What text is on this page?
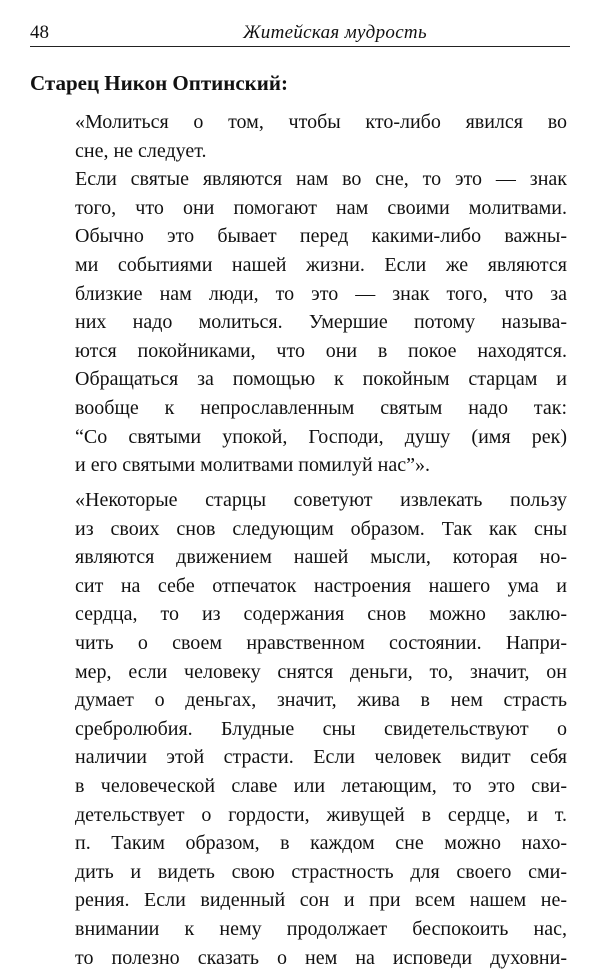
48	Житейская мудрость
Старец Никон Оптинский:
«Молиться о том, чтобы кто-либо явился во
сне, не следует.
Если святые являются нам во сне, то это — знак
того, что они помогают нам своими молитвами.
Обычно это бывает перед какими-либо важны-
ми событиями нашей жизни. Если же являются
близкие нам люди, то это — знак того, что за
них надо молиться. Умершие потому называ-
ются покойниками, что они в покое находятся.
Обращаться за помощью к покойным старцам и
вообще к непрославленным святым надо так:
“Со святыми упокой, Господи, душу (имя рек)
и его святыми молитвами помилуй нас”».
«Некоторые старцы советуют извлекать пользу
из своих снов следующим образом. Так как сны
являются движением нашей мысли, которая но-
сит на себе отпечаток настроения нашего ума и
сердца, то из содержания снов можно заклю-
чить о своем нравственном состоянии. Напри-
мер, если человеку снятся деньги, то, значит, он
думает о деньгах, значит, жива в нем страсть
сребролюбия. Блудные сны свидетельствуют о
наличии этой страсти. Если человек видит себя
в человеческой славе или летающим, то это сви-
детельствует о гордости, живущей в сердце, и т.
п. Таким образом, в каждом сне можно нахо-
дить и видеть свою страстность для своего сми-
рения. Если виденный сон и при всем нашем не-
внимании к нему продолжает беспокоить нас,
то полезно сказать о нем на исповеди духовни-
